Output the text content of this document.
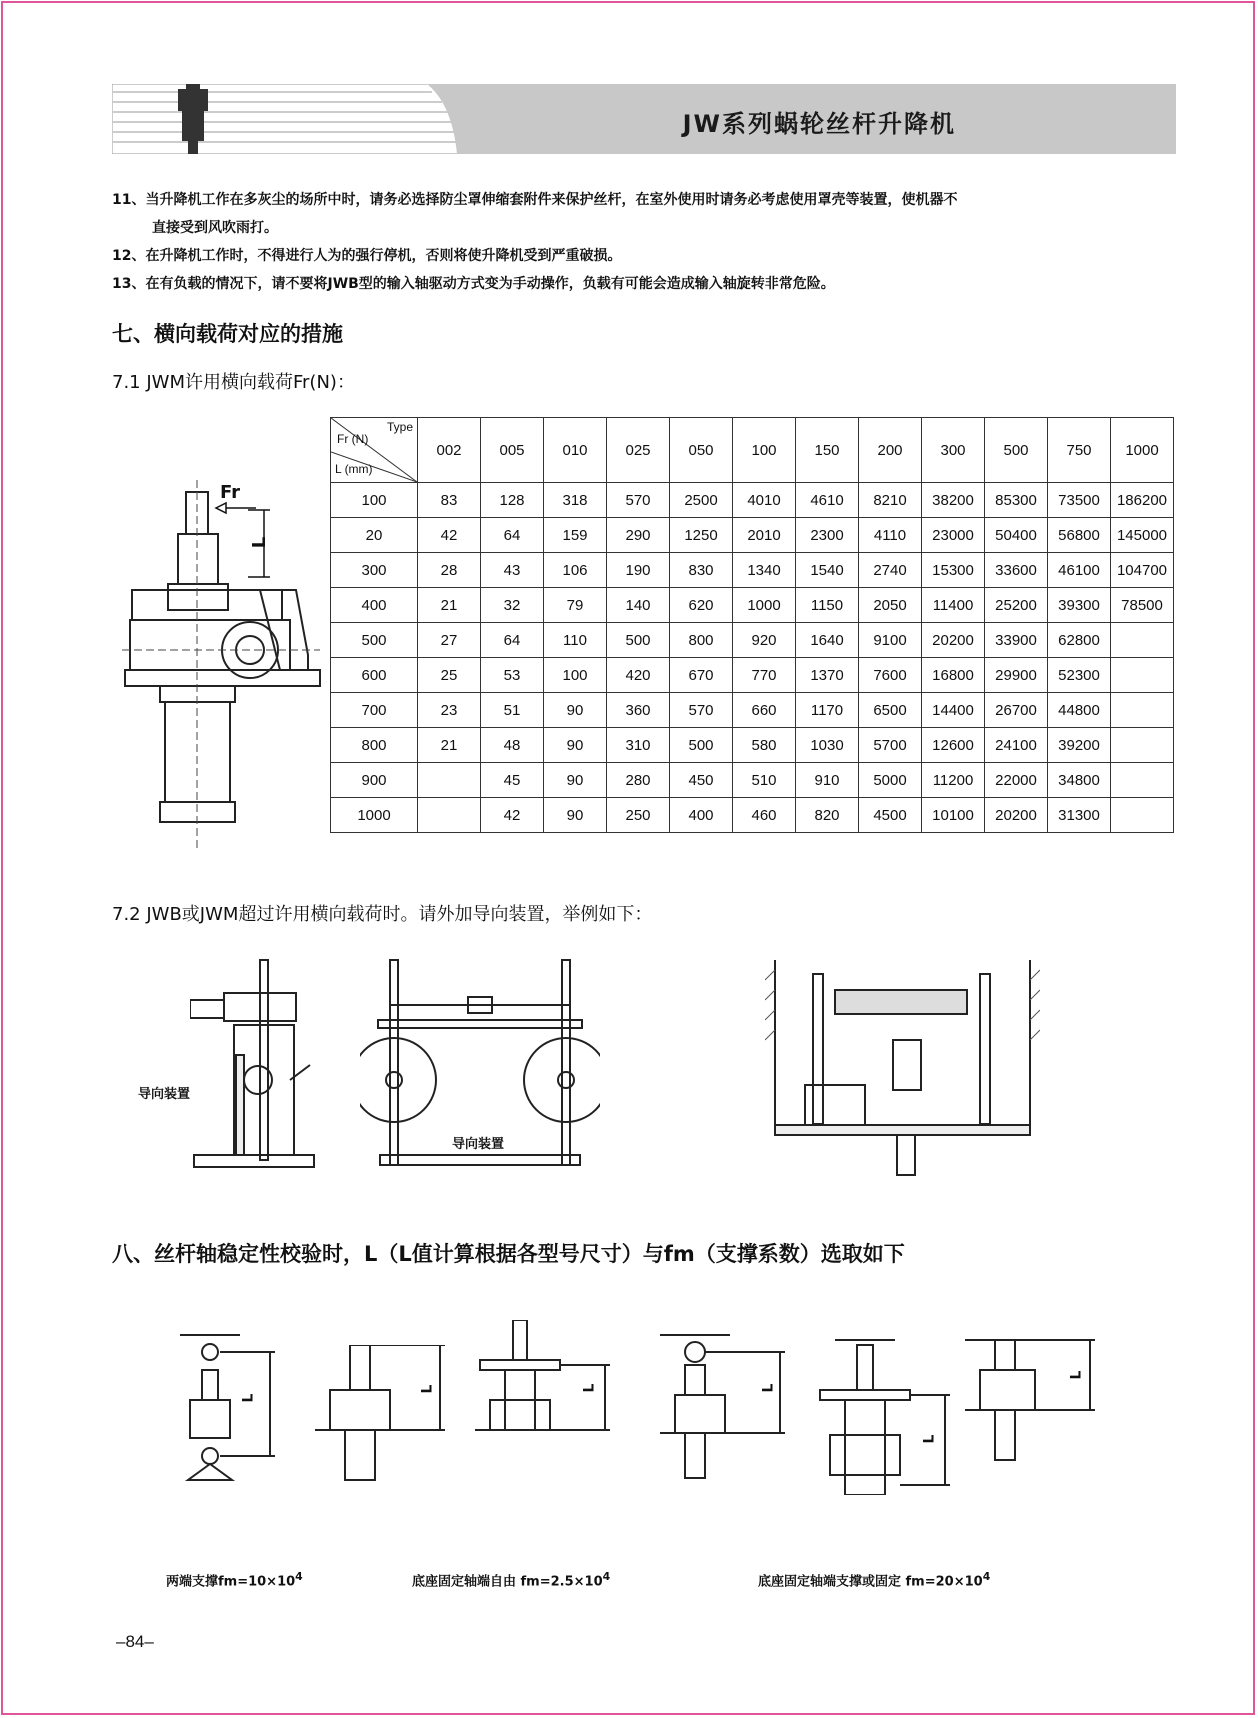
JW系列蜗轮丝杆升降机

11、当升降机工作在多灰尘的场所中时，请务必选择防尘罩伸缩套附件来保护丝杆，在室外使用时请务必考虑使用罩壳等装置，使机器不

直接受到风吹雨打。

12、在升降机工作时，不得进行人为的强行停机，否则将使升降机受到严重破损。

13、在有负载的情况下，请不要将JWB型的输入轴驱动方式变为手动操作，负载有可能会造成输入轴旋转非常危险。

七、横向载荷对应的措施
7.1 JWM许用横向载荷Fr(N)：
Fr
L
Type
Fr (N)
L (mm)	002	005	010	025	050	100	150	200	300	500	750	1000
100	83	128	318	570	2500	4010	4610	8210	38200	85300	73500	186200
20	42	64	159	290	1250	2010	2300	4110	23000	50400	56800	145000
300	28	43	106	190	830	1340	1540	2740	15300	33600	46100	104700
400	21	32	79	140	620	1000	1150	2050	11400	25200	39300	78500
500	27	64	110	500	800	920	1640	9100	20200	33900	62800	
600	25	53	100	420	670	770	1370	7600	16800	29900	52300	
700	23	51	90	360	570	660	1170	6500	14400	26700	44800	
800	21	48	90	310	500	580	1030	5700	12600	24100	39200	
900		45	90	280	450	510	910	5000	11200	22000	34800	
1000		42	90	250	400	460	820	4500	10100	20200	31300	
7.2 JWB或JWM超过许用横向载荷时。请外加导向装置，举例如下：
导向装置
导向装置
八、丝杆轴稳定性校验时，L（L值计算根据各型号尺寸）与fm（支撑系数）选取如下
L
L	L	L
L
L
两端支撑$fm=10\times 10^4$	底座固定轴端自由 $fm=2.5\times 10^4$	底座固定轴端支撑或固定 $fm=20\times 10^4$
–84–
